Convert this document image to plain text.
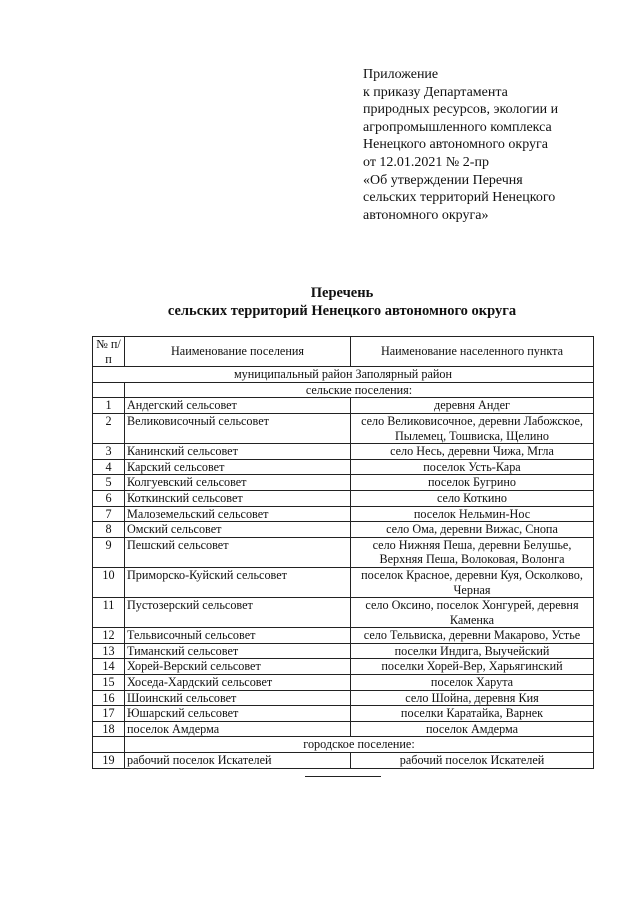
Приложение
к приказу Департамента
природных ресурсов, экологии и
агропромышленного комплекса
Ненецкого автономного округа
от 12.01.2021 № 2-пр
«Об утверждении Перечня
сельских территорий Ненецкого
автономного округа»
Перечень
сельских территорий Ненецкого автономного округа
№ п/п	Наименование поселения	Наименование населенного пункта
муниципальный район Заполярный район		
	сельские поселения:	
1	Андегский сельсовет	деревня Андег
2	Великовисочный сельсовет	село Великовисочное, деревни Лабожское, Пылемец, Тошвиска, Щелино
3	Канинский сельсовет	село Несь, деревни Чижа, Мгла
4	Карский сельсовет	поселок Усть-Кара
5	Колгуевский сельсовет	поселок Бугрино
6	Коткинский сельсовет	село Коткино
7	Малоземельский сельсовет	поселок Нельмин-Нос
8	Омский сельсовет	село Ома, деревни Вижас, Снопа
9	Пешский сельсовет	село Нижняя Пеша, деревни Белушье, Верхняя Пеша, Волоковая, Волонга
10	Приморско-Куйский сельсовет	поселок Красное, деревни Куя, Осколково, Черная
11	Пустозерский сельсовет	село Оксино, поселок Хонгурей, деревня Каменка
12	Тельвисочный сельсовет	село Тельвиска, деревни Макарово, Устье
13	Тиманский сельсовет	поселки Индига, Выучейский
14	Хорей-Верский сельсовет	поселки Хорей-Вер, Харьягинский
15	Хоседа-Хардский сельсовет	поселок Харута
16	Шоинский сельсовет	село Шойна, деревня Кия
17	Юшарский сельсовет	поселки Каратайка, Варнек
18	поселок Амдерма	поселок Амдерма
	городское поселение:	
19	рабочий поселок Искателей	рабочий поселок Искателей
